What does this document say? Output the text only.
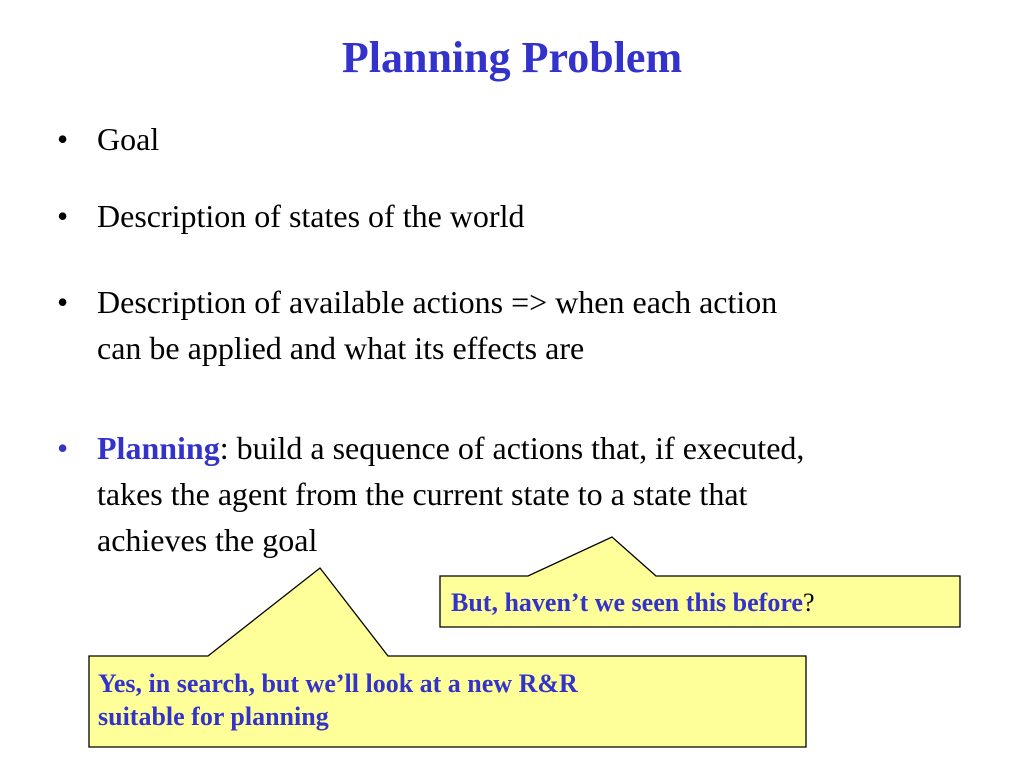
Planning Problem
• Goal
• Description of states of the world
• Description of available actions => when each action
can be applied and what its effects are
• Planning: build a sequence of actions that, if executed,
takes the agent from the current state to a state that
achieves the goal
But, haven’t we seen this before?
Yes, in search, but we’ll look at a new R&R
suitable for planning
